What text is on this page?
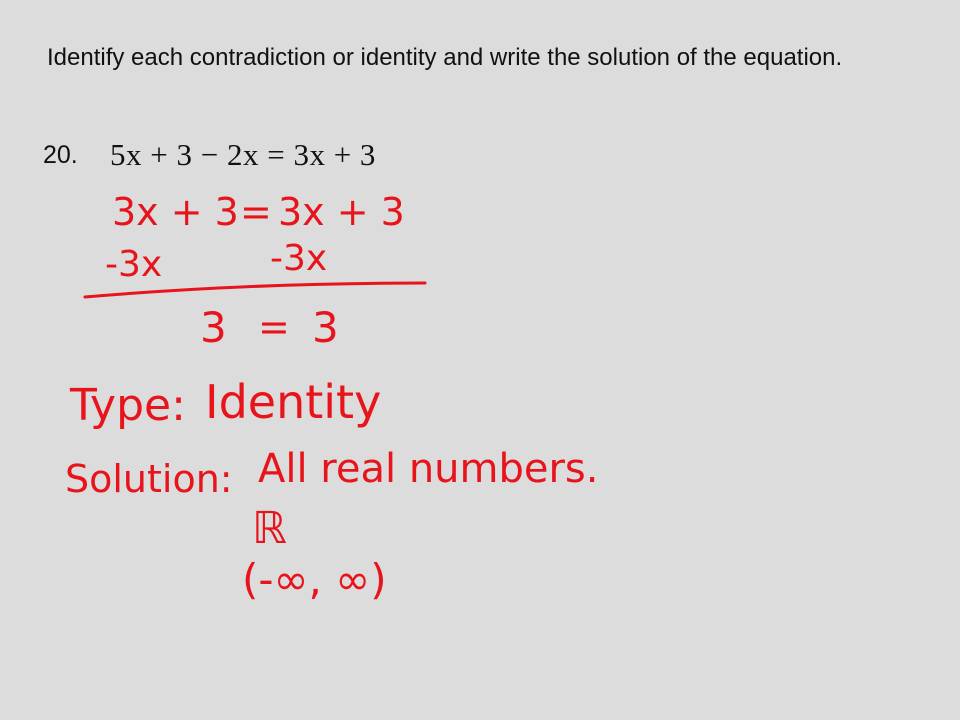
Identify each contradiction or identity and write the solution of the equation.

20. 5x + 3 − 2x = 3x + 3
3x + 3 = 3x + 3
-3x	-3x
3 = 3
Type: Identity
Solution: All real numbers.
ℝ
(-∞, ∞)
